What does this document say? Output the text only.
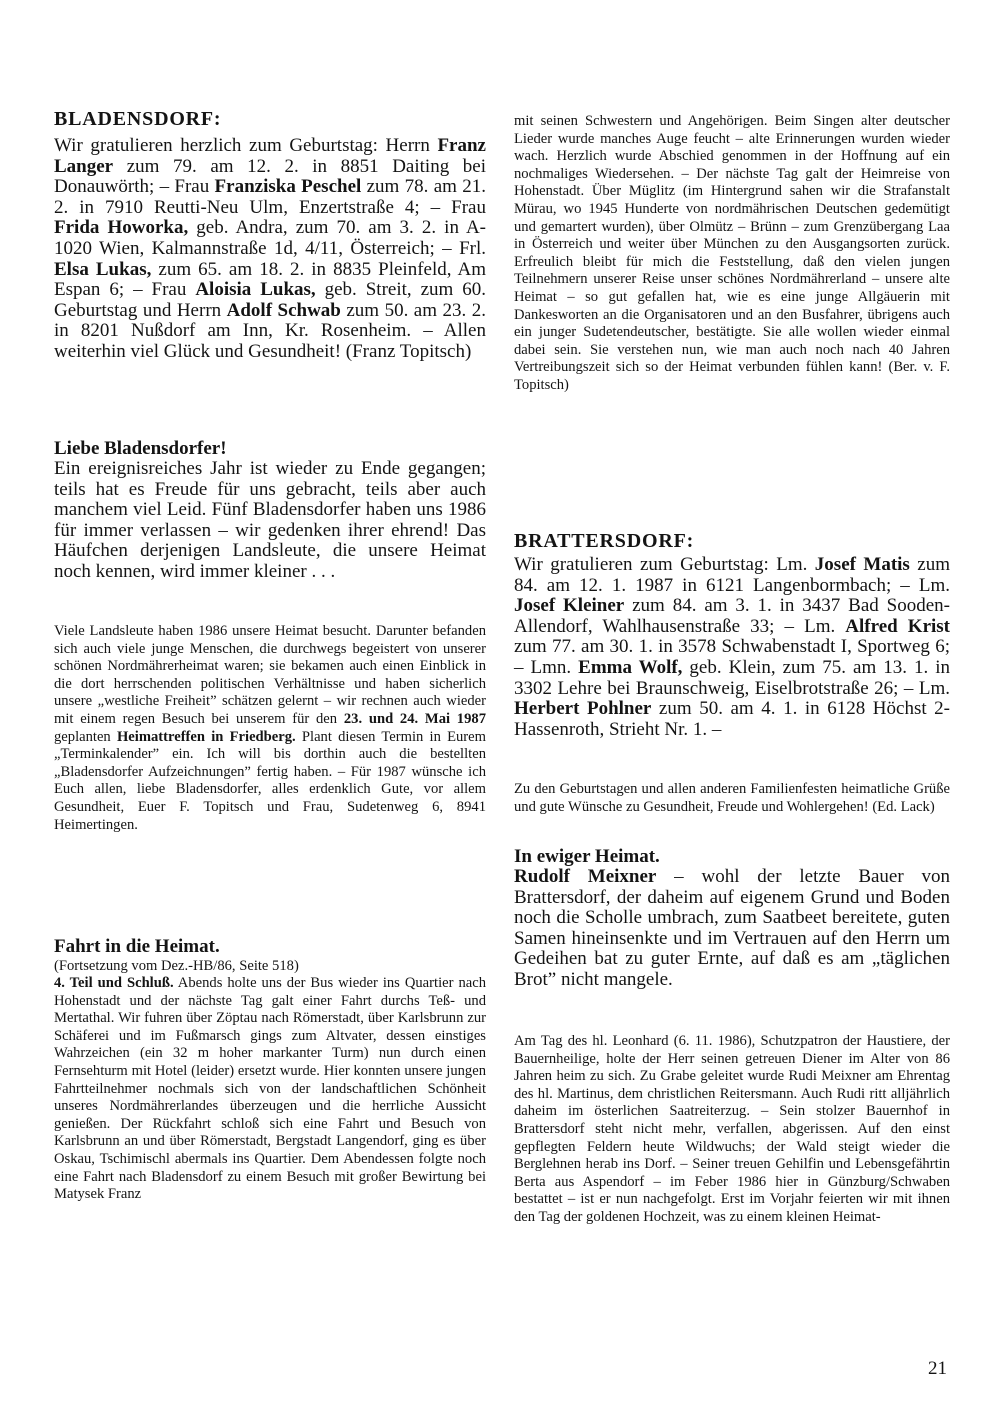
BLADENSDORF:
Wir gratulieren herzlich zum Geburtstag: Herrn Franz Langer zum 79. am 12. 2. in 8851 Daiting bei Donauwörth; – Frau Franziska Peschel zum 78. am 21. 2. in 7910 Reutti-Neu Ulm, Enzertstraße 4; – Frau Frida Howorka, geb. Andra, zum 70. am 3. 2. in A-1020 Wien, Kalmannstraße 1d, 4/11, Österreich; – Frl. Elsa Lukas, zum 65. am 18. 2. in 8835 Pleinfeld, Am Espan 6; – Frau Aloisia Lukas, geb. Streit, zum 60. Geburtstag und Herrn Adolf Schwab zum 50. am 23. 2. in 8201 Nußdorf am Inn, Kr. Rosenheim. – Allen weiterhin viel Glück und Gesundheit! (Franz Topitsch)
Liebe Bladensdorfer!
Ein ereignisreiches Jahr ist wieder zu Ende gegangen; teils hat es Freude für uns gebracht, teils aber auch manchem viel Leid. Fünf Bladensdorfer haben uns 1986 für immer verlassen – wir gedenken ihrer ehrend! Das Häufchen derjenigen Landsleute, die unsere Heimat noch kennen, wird immer kleiner . . .
Viele Landsleute haben 1986 unsere Heimat besucht. Darunter befanden sich auch viele junge Menschen, die durchwegs begeistert von unserer schönen Nordmährerheimat waren; sie bekamen auch einen Einblick in die dort herrschenden politischen Verhältnisse und haben sicherlich unsere „westliche Freiheit” schätzen gelernt – wir rechnen auch wieder mit einem regen Besuch bei unserem für den 23. und 24. Mai 1987 geplanten Heimattreffen in Friedberg. Plant diesen Termin in Eurem „Terminkalender” ein. Ich will bis dorthin auch die bestellten „Bladensdorfer Aufzeichnungen” fertig haben. – Für 1987 wünsche ich Euch allen, liebe Bladensdorfer, alles erdenklich Gute, vor allem Gesundheit, Euer F. Topitsch und Frau, Sudetenweg 6, 8941 Heimertingen.
Fahrt in die Heimat.
(Fortsetzung vom Dez.-HB/86, Seite 518)
4. Teil und Schluß. Abends holte uns der Bus wieder ins Quartier nach Hohenstadt und der nächste Tag galt einer Fahrt durchs Teß- und Mertathal. Wir fuhren über Zöptau nach Römerstadt, über Karlsbrunn zur Schäferei und im Fußmarsch gings zum Altvater, dessen einstiges Wahrzeichen (ein 32 m hoher markanter Turm) nun durch einen Fernsehturm mit Hotel (leider) ersetzt wurde. Hier konnten unsere jungen Fahrtteilnehmer nochmals sich von der landschaftlichen Schönheit unseres Nordmährerlandes überzeugen und die herrliche Aussicht genießen. Der Rückfahrt schloß sich eine Fahrt und Besuch von Karlsbrunn an und über Römerstadt, Bergstadt Langendorf, ging es über Oskau, Tschimischl abermals ins Quartier. Dem Abendessen folgte noch eine Fahrt nach Bladensdorf zu einem Besuch mit großer Bewirtung bei Matysek Franz
mit seinen Schwestern und Angehörigen. Beim Singen alter deutscher Lieder wurde manches Auge feucht – alte Erinnerungen wurden wieder wach. Herzlich wurde Abschied genommen in der Hoffnung auf ein nochmaliges Wiedersehen. – Der nächste Tag galt der Heimreise von Hohenstadt. Über Müglitz (im Hintergrund sahen wir die Strafanstalt Mürau, wo 1945 Hunderte von nordmährischen Deutschen gedemütigt und gemartert wurden), über Olmütz – Brünn – zum Grenzübergang Laa in Österreich und weiter über München zu den Ausgangsorten zurück. Erfreulich bleibt für mich die Feststellung, daß den vielen jungen Teilnehmern unserer Reise unser schönes Nordmährerland – unsere alte Heimat – so gut gefallen hat, wie es eine junge Allgäuerin mit Dankesworten an die Organisatoren und an den Busfahrer, übrigens auch ein junger Sudetendeutscher, bestätigte. Sie alle wollen wieder einmal dabei sein. Sie verstehen nun, wie man auch noch nach 40 Jahren Vertreibungszeit sich so der Heimat verbunden fühlen kann! (Ber. v. F. Topitsch)
BRATTERSDORF:
Wir gratulieren zum Geburtstag: Lm. Josef Matis zum 84. am 12. 1. 1987 in 6121 Langenbormbach; – Lm. Josef Kleiner zum 84. am 3. 1. in 3437 Bad Sooden-Allendorf, Wahlhausenstraße 33; – Lm. Alfred Krist zum 77. am 30. 1. in 3578 Schwabenstadt I, Sportweg 6; – Lmn. Emma Wolf, geb. Klein, zum 75. am 13. 1. in 3302 Lehre bei Braunschweig, Eiselbrotstraße 26; – Lm. Herbert Pohlner zum 50. am 4. 1. in 6128 Höchst 2-Hassenroth, Strieht Nr. 1. –
Zu den Geburtstagen und allen anderen Familienfesten heimatliche Grüße und gute Wünsche zu Gesundheit, Freude und Wohlergehen! (Ed. Lack)
In ewiger Heimat.
Rudolf Meixner – wohl der letzte Bauer von Brattersdorf, der daheim auf eigenem Grund und Boden noch die Scholle umbrach, zum Saatbeet bereitete, guten Samen hineinsenkte und im Vertrauen auf den Herrn um Gedeihen bat zu guter Ernte, auf daß es am „täglichen Brot” nicht mangele.
Am Tag des hl. Leonhard (6. 11. 1986), Schutzpatron der Haustiere, der Bauernheilige, holte der Herr seinen getreuen Diener im Alter von 86 Jahren heim zu sich. Zu Grabe geleitet wurde Rudi Meixner am Ehrentag des hl. Martinus, dem christlichen Reitersmann. Auch Rudi ritt alljährlich daheim im österlichen Saatreiterzug. – Sein stolzer Bauernhof in Brattersdorf steht nicht mehr, verfallen, abgerissen. Auf den einst gepflegten Feldern heute Wildwuchs; der Wald steigt wieder die Berglehnen herab ins Dorf. – Seiner treuen Gehilfin und Lebensgefährtin Berta aus Aspendorf – im Feber 1986 hier in Günzburg/Schwaben bestattet – ist er nun nachgefolgt. Erst im Vorjahr feierten wir mit ihnen den Tag der goldenen Hochzeit, was zu einem kleinen Heimat-
21
